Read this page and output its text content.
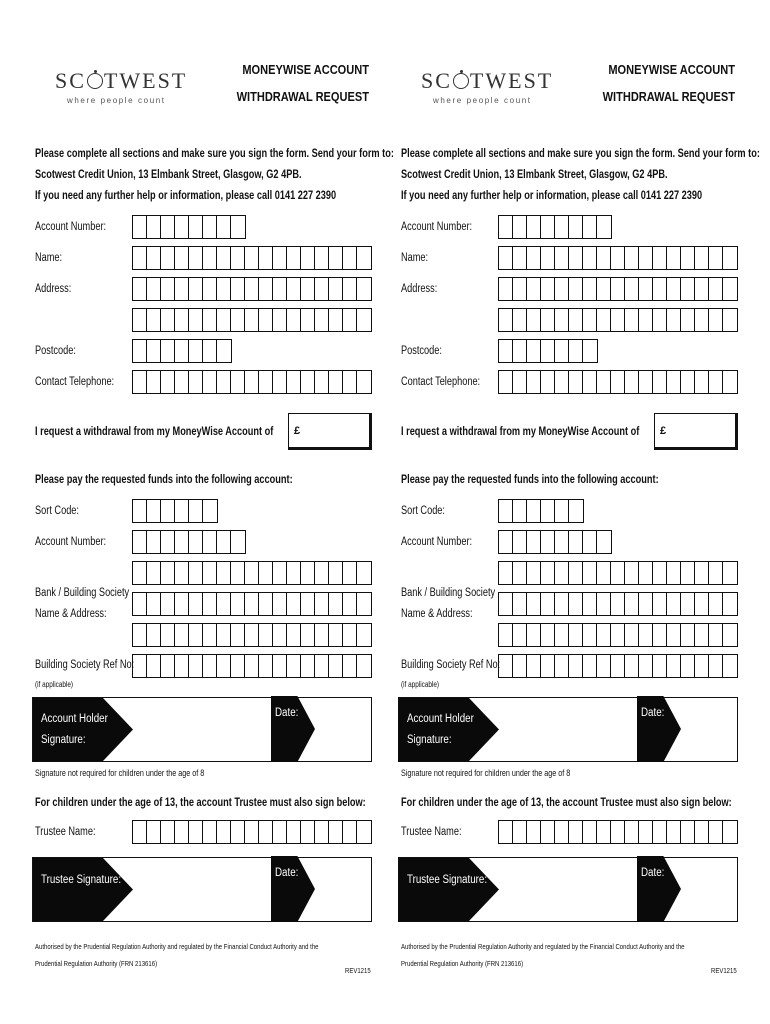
SC TWEST
where people count
MONEYWISE ACCOUNT
WITHDRAWAL REQUEST
Please complete all sections and make sure you sign the form. Send your form to:
Scotwest Credit Union, 13 Elmbank Street, Glasgow, G2 4PB.
If you need any further help or information, please call 0141 227 2390
Account Number:
Name:
Address:
Postcode:
Contact Telephone:
I request a withdrawal from my MoneyWise Account of £
Please pay the requested funds into the following account:
Sort Code:
Account Number:
Bank / Building Society
Name & Address:
Building Society Ref No:
(if applicable)
Account Holder
Signature:
Date:
Signature not required for children under the age of 8
For children under the age of 13, the account Trustee must also sign below:
Trustee Name:
Trustee Signature:
Date:
Authorised by the Prudential Regulation Authority and regulated by the Financial Conduct Authority and the
Prudential Regulation Authority (FRN 213616)
REV1215
SC TWEST
where people count
MONEYWISE ACCOUNT
WITHDRAWAL REQUEST
Please complete all sections and make sure you sign the form. Send your form to:
Scotwest Credit Union, 13 Elmbank Street, Glasgow, G2 4PB.
If you need any further help or information, please call 0141 227 2390
Account Number:
Name:
Address:
Postcode:
Contact Telephone:
I request a withdrawal from my MoneyWise Account of £
Please pay the requested funds into the following account:
Sort Code:
Account Number:
Bank / Building Society
Name & Address:
Building Society Ref No:
(if applicable)
Account Holder
Signature:
Date:
Signature not required for children under the age of 8
For children under the age of 13, the account Trustee must also sign below:
Trustee Name:
Trustee Signature:
Date:
Authorised by the Prudential Regulation Authority and regulated by the Financial Conduct Authority and the
Prudential Regulation Authority (FRN 213616)
REV1215
